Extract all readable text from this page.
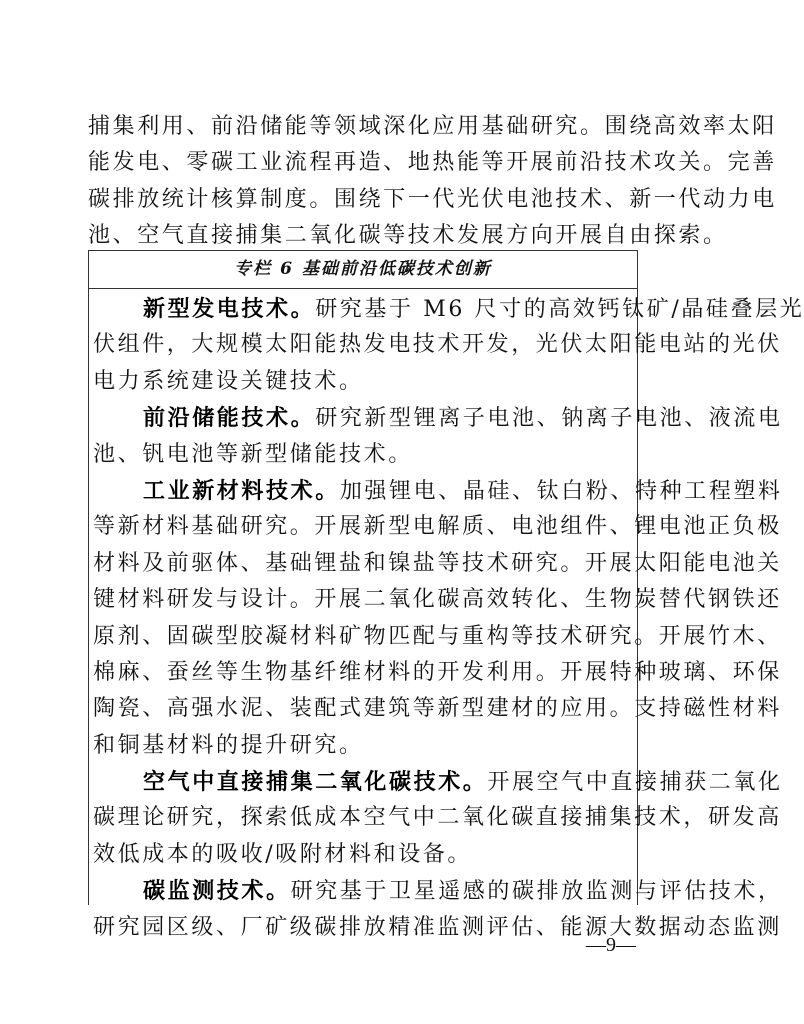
捕集利用、前沿储能等领域深化应用基础研究。围绕高效率太阳
能发电、零碳工业流程再造、地热能等开展前沿技术攻关。完善
碳排放统计核算制度。围绕下一代光伏电池技术、新一代动力电
池、空气直接捕集二氧化碳等技术发展方向开展自由探索。
专栏 6 基础前沿低碳技术创新
新型发电技术。研究基于 M6 尺寸的高效钙钛矿/晶硅叠层光
伏组件，大规模太阳能热发电技术开发，光伏太阳能电站的光伏
电力系统建设关键技术。
前沿储能技术。研究新型锂离子电池、钠离子电池、液流电
池、钒电池等新型储能技术。
工业新材料技术。加强锂电、晶硅、钛白粉、特种工程塑料
等新材料基础研究。开展新型电解质、电池组件、锂电池正负极
材料及前驱体、基础锂盐和镍盐等技术研究。开展太阳能电池关
键材料研发与设计。开展二氧化碳高效转化、生物炭替代钢铁还
原剂、固碳型胶凝材料矿物匹配与重构等技术研究。开展竹木、
棉麻、蚕丝等生物基纤维材料的开发利用。开展特种玻璃、环保
陶瓷、高强水泥、装配式建筑等新型建材的应用。支持磁性材料
和铜基材料的提升研究。
空气中直接捕集二氧化碳技术。开展空气中直接捕获二氧化
碳理论研究，探索低成本空气中二氧化碳直接捕集技术，研发高
效低成本的吸收/吸附材料和设备。
碳监测技术。研究基于卫星遥感的碳排放监测与评估技术，
研究园区级、厂矿级碳排放精准监测评估、能源大数据动态监测
—9—
